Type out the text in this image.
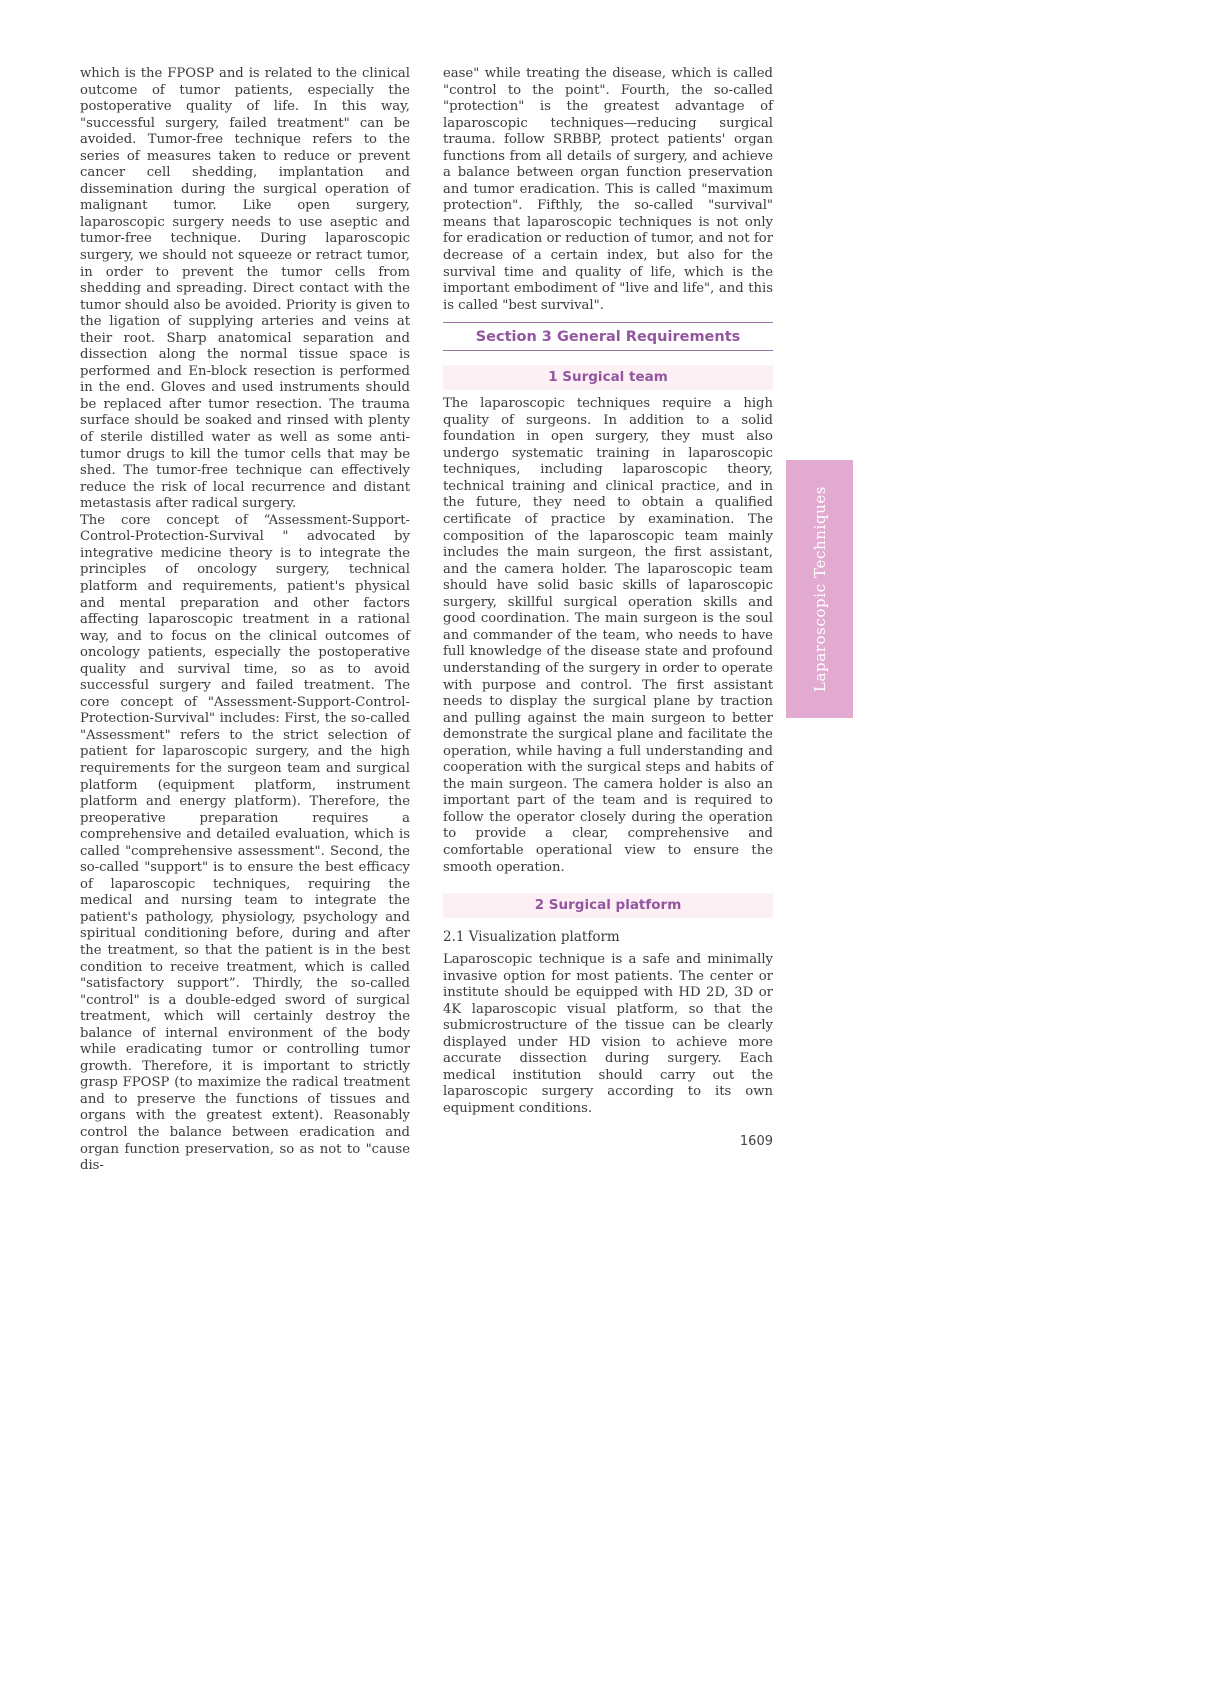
which is the FPOSP and is related to the clinical outcome of tumor patients, especially the postoperative quality of life. In this way, "successful surgery, failed treatment" can be avoided. Tumor-free technique refers to the series of measures taken to reduce or prevent cancer cell shedding, implantation and dissemination during the surgical operation of malignant tumor. Like open surgery, laparoscopic surgery needs to use aseptic and tumor-free technique. During laparoscopic surgery, we should not squeeze or retract tumor, in order to prevent the tumor cells from shedding and spreading. Direct contact with the tumor should also be avoided. Priority is given to the ligation of supplying arteries and veins at their root. Sharp anatomical separation and dissection along the normal tissue space is performed and En-block resection is performed in the end. Gloves and used instruments should be replaced after tumor resection. The trauma surface should be soaked and rinsed with plenty of sterile distilled water as well as some anti-tumor drugs to kill the tumor cells that may be shed. The tumor-free technique can effectively reduce the risk of local recurrence and distant metastasis after radical surgery.

The core concept of “Assessment-Support-Control-Protection-Survival " advocated by integrative medicine theory is to integrate the principles of oncology surgery, technical platform and requirements, patient's physical and mental preparation and other factors affecting laparoscopic treatment in a rational way, and to focus on the clinical outcomes of oncology patients, especially the postoperative quality and survival time, so as to avoid successful surgery and failed treatment. The core concept of "Assessment-Support-Control-Protection-Survival" includes: First, the so-called "Assessment" refers to the strict selection of patient for laparoscopic surgery, and the high requirements for the surgeon team and surgical platform (equipment platform, instrument platform and energy platform). Therefore, the preoperative preparation requires a comprehensive and detailed evaluation, which is called "comprehensive assessment". Second, the so-called "support" is to ensure the best efficacy of laparoscopic techniques, requiring the medical and nursing team to integrate the patient's pathology, physiology, psychology and spiritual conditioning before, during and after the treatment, so that the patient is in the best condition to receive treatment, which is called "satisfactory support”. Thirdly, the so-called "control" is a double-edged sword of surgical treatment, which will certainly destroy the balance of internal environment of the body while eradicating tumor or controlling tumor growth. Therefore, it is important to strictly grasp FPOSP (to maximize the radical treatment and to preserve the functions of tissues and organs with the greatest extent). Reasonably control the balance between eradication and organ function preservation, so as not to "cause dis-

ease" while treating the disease, which is called "control to the point". Fourth, the so-called "protection" is the greatest advantage of laparoscopic techniques—reducing surgical trauma. follow SRBBP, protect patients' organ functions from all details of surgery, and achieve a balance between organ function preservation and tumor eradication. This is called "maximum protection". Fifthly, the so-called "survival" means that laparoscopic techniques is not only for eradication or reduction of tumor, and not for decrease of a certain index, but also for the survival time and quality of life, which is the important embodiment of "live and life", and this is called "best survival".

Section 3 General Requirements
1 Surgical team

The laparoscopic techniques require a high quality of surgeons. In addition to a solid foundation in open surgery, they must also undergo systematic training in laparoscopic techniques, including laparoscopic theory, technical training and clinical practice, and in the future, they need to obtain a qualified certificate of practice by examination. The composition of the laparoscopic team mainly includes the main surgeon, the first assistant, and the camera holder. The laparoscopic team should have solid basic skills of laparoscopic surgery, skillful surgical operation skills and good coordination. The main surgeon is the soul and commander of the team, who needs to have full knowledge of the disease state and profound understanding of the surgery in order to operate with purpose and control. The first assistant needs to display the surgical plane by traction and pulling against the main surgeon to better demonstrate the surgical plane and facilitate the operation, while having a full understanding and cooperation with the surgical steps and habits of the main surgeon. The camera holder is also an important part of the team and is required to follow the operator closely during the operation to provide a clear, comprehensive and comfortable operational view to ensure the smooth operation.

2 Surgical platform
2.1 Visualization platform

Laparoscopic technique is a safe and minimally invasive option for most patients. The center or institute should be equipped with HD 2D, 3D or 4K laparoscopic visual platform, so that the submicrostructure of the tissue can be clearly displayed under HD vision to achieve more accurate dissection during surgery. Each medical institution should carry out the laparoscopic surgery according to its own equipment conditions.

Laparoscopic Techniques
1609
